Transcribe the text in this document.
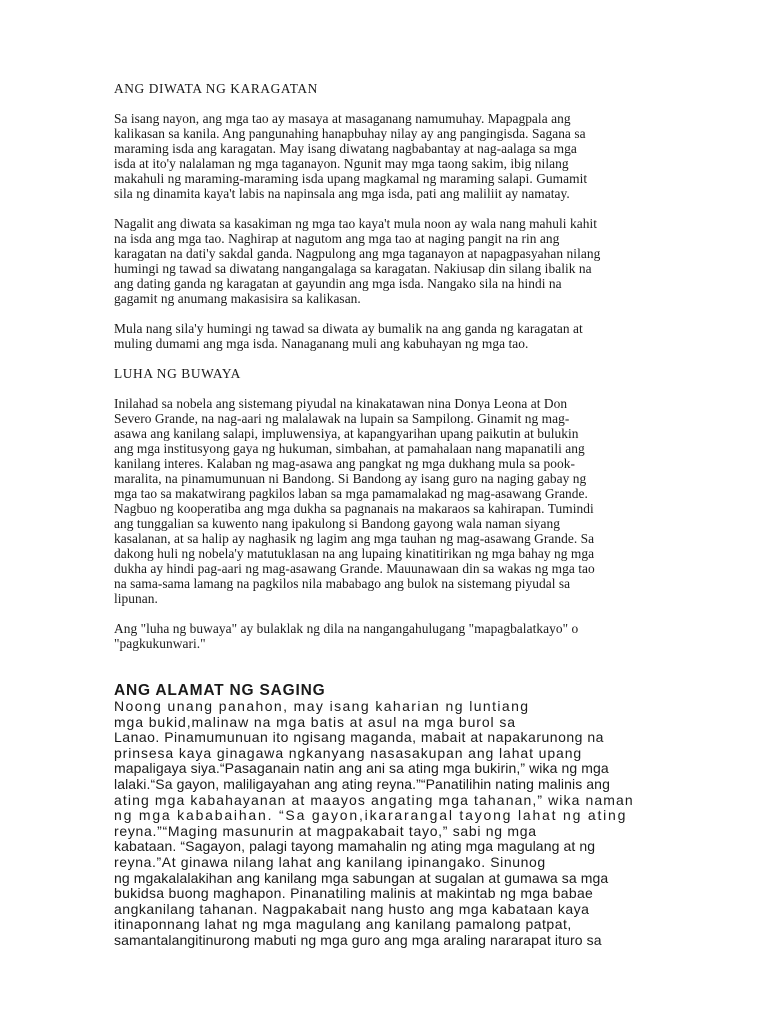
ANG DIWATA NG KARAGATAN
Sa isang nayon, ang mga tao ay masaya at masaganang namumuhay. Mapagpala ang
kalikasan sa kanila. Ang pangunahing hanapbuhay nilay ay ang pangingisda. Sagana sa
maraming isda ang karagatan. May isang diwatang nagbabantay at nag-aalaga sa mga
isda at ito'y nalalaman ng mga taganayon. Ngunit may mga taong sakim, ibig nilang
makahuli ng maraming-maraming isda upang magkamal ng maraming salapi. Gumamit
sila ng dinamita kaya't labis na napinsala ang mga isda, pati ang maliliit ay namatay.
Nagalit ang diwata sa kasakiman ng mga tao kaya't mula noon ay wala nang mahuli kahit
na isda ang mga tao. Naghirap at nagutom ang mga tao at naging pangit na rin ang
karagatan na dati'y sakdal ganda. Nagpulong ang mga taganayon at napagpasyahan nilang
humingi ng tawad sa diwatang nangangalaga sa karagatan. Nakiusap din silang ibalik na
ang dating ganda ng karagatan at gayundin ang mga isda. Nangako sila na hindi na
gagamit ng anumang makasisira sa kalikasan.
Mula nang sila'y humingi ng tawad sa diwata ay bumalik na ang ganda ng karagatan at
muling dumami ang mga isda. Nanaganang muli ang kabuhayan ng mga tao.
LUHA NG BUWAYA
Inilahad sa nobela ang sistemang piyudal na kinakatawan nina Donya Leona at Don
Severo Grande, na nag-aari ng malalawak na lupain sa Sampilong. Ginamit ng mag-
asawa ang kanilang salapi, impluwensiya, at kapangyarihan upang paikutin at bulukin
ang mga institusyong gaya ng hukuman, simbahan, at pamahalaan nang mapanatili ang
kanilang interes. Kalaban ng mag-asawa ang pangkat ng mga dukhang mula sa pook-
maralita, na pinamumunuan ni Bandong. Si Bandong ay isang guro na naging gabay ng
mga tao sa makatwirang pagkilos laban sa mga pamamalakad ng mag-asawang Grande.
Nagbuo ng kooperatiba ang mga dukha sa pagnanais na makaraos sa kahirapan. Tumindi
ang tunggalian sa kuwento nang ipakulong si Bandong gayong wala naman siyang
kasalanan, at sa halip ay naghasik ng lagim ang mga tauhan ng mag-asawang Grande. Sa
dakong huli ng nobela'y matutuklasan na ang lupaing kinatitirikan ng mga bahay ng mga
dukha ay hindi pag-aari ng mag-asawang Grande. Mauunawaan din sa wakas ng mga tao
na sama-sama lamang na pagkilos nila mababago ang bulok na sistemang piyudal sa
lipunan.
Ang "luha ng buwaya" ay bulaklak ng dila na nangangahulugang "mapagbalatkayo" o
"pagkukunwari."
ANG ALAMAT NG SAGING
Noong unang panahon, may isang kaharian ng luntiang
mga bukid,malinaw na mga batis at asul na mga burol sa
Lanao. Pinamumunuan ito ngisang maganda, mabait at napakarunong na
prinsesa kaya ginagawa ngkanyang nasasakupan ang lahat upang
mapaligaya siya.“Pasaganain natin ang ani sa ating mga bukirin,” wika ng mga
lalaki.“Sa gayon, maliligayahan ang ating reyna.”“Panatilihin nating malinis ang
ating mga kabahayanan at maayos angating mga tahanan,” wika naman
ng mga kababaihan. “Sa gayon,ikararangal tayong lahat ng ating
reyna.”“Maging masunurin at magpakabait tayo,” sabi ng mga
kabataan. “Sagayon, palagi tayong mamahalin ng ating mga magulang at ng
reyna.”At ginawa nilang lahat ang kanilang ipinangako. Sinunog
ng mgakalalakihan ang kanilang mga sabungan at sugalan at gumawa sa mga
bukidsa buong maghapon. Pinanatiling malinis at makintab ng mga babae
angkanilang tahanan. Nagpakabait nang husto ang mga kabataan kaya
itinaponnang lahat ng mga magulang ang kanilang pamalong patpat,
samantalangitinurong mabuti ng mga guro ang mga araling nararapat ituro sa
